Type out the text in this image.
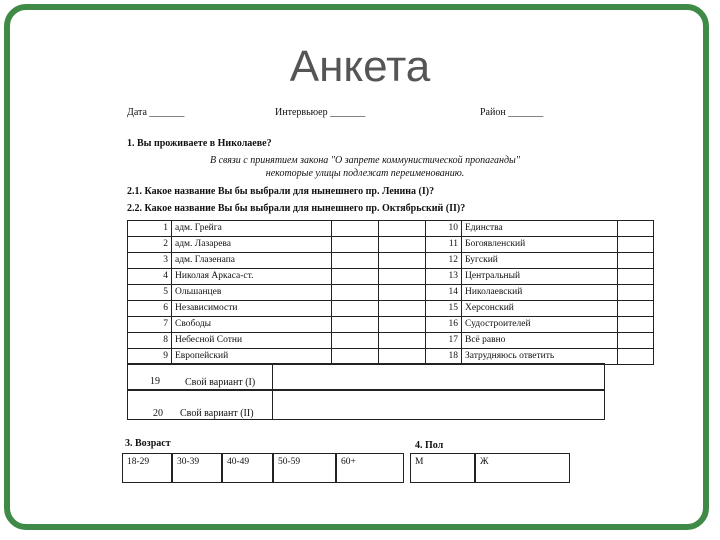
Анкета
Дата _______	Интервьюер _______	Район _______
1. Вы проживаете в Николаеве?
В связи с принятием закона "О запрете коммунистической пропаганды"
некоторые улицы подлежат переименованию.
2.1. Какое название Вы бы выбрали для нынешнего пр. Ленина (I)?
2.2. Какое название Вы бы выбрали для нынешнего пр. Октябрьский (II)?
1	адм. Грейга			10	Единства	
2	адм. Лазарева			11	Богоявленский	
3	адм. Глазенапа			12	Бугский	
4	Николая Аркаса-ст.			13	Центральный	
5	Ольшанцев			14	Николаевский	
6	Независимости			15	Херсонский	
7	Свободы			16	Судостроителей	
8	Небесной Сотни			17	Всё равно	
9	Европейский			18	Затрудняюсь ответить	
19	Свой вариант (I)
20 Свой вариант (II)
3. Возраст	4. Пол
18-29	30-39	40-49	50-59	60+	М	Ж
